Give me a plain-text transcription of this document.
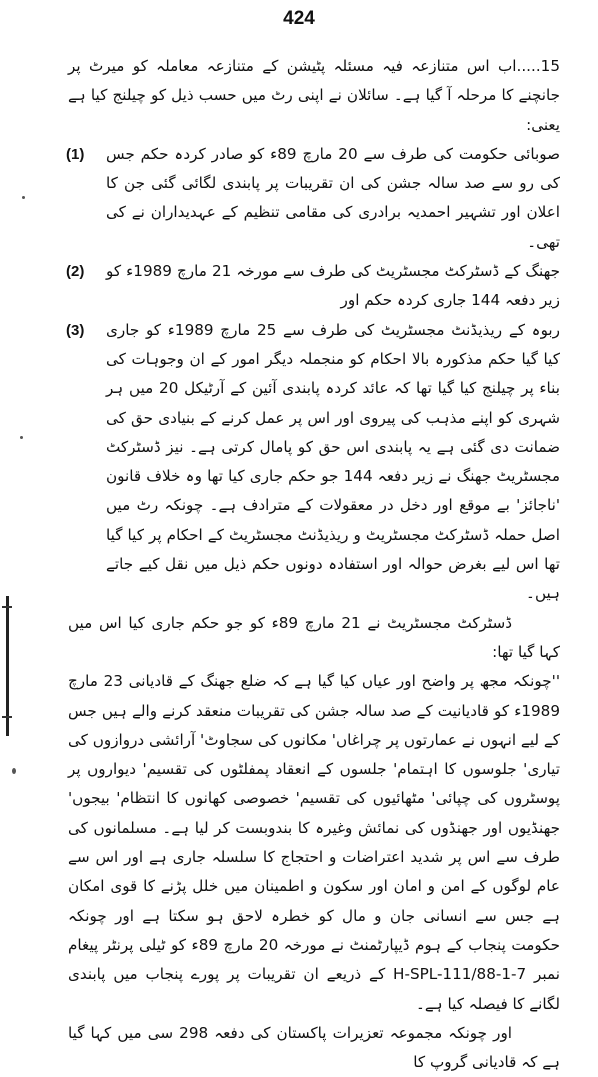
424

15.....اب اس متنازعہ فیہ مسئلہ پٹیشن کے متنازعہ معاملہ کو میرٹ پر جانچنے کا مرحلہ آ گیا ہے۔ سائلان نے اپنی رٹ میں حسب ذیل کو چیلنج کیا ہے یعنی:

(1) صوبائی حکومت کی طرف سے 20 مارچ 89ء کو صادر کردہ حکم جس کی رو سے صد سالہ جشن کی ان تقریبات پر پابندی لگائی گئی جن کا اعلان اور تشہیر احمدیہ برادری کی مقامی تنظیم کے عہدیداران نے کی تھی۔
(2) جھنگ کے ڈسٹرکٹ مجسٹریٹ کی طرف سے مورخہ 21 مارچ 1989ء کو زیر دفعہ 144 جاری کردہ حکم اور
(3) ربوہ کے ریذیڈنٹ مجسٹریٹ کی طرف سے 25 مارچ 1989ء کو جاری کیا گیا حکم مذکورہ بالا احکام کو منجملہ دیگر امور کے ان وجوہات کی بناء پر چیلنج کیا گیا تھا کہ عائد کردہ پابندی آئین کے آرٹیکل 20 میں ہر شہری کو اپنے مذہب کی پیروی اور اس پر عمل کرنے کے بنیادی حق کی ضمانت دی گئی ہے یہ پابندی اس حق کو پامال کرتی ہے۔ نیز ڈسٹرکٹ مجسٹریٹ جھنگ نے زیر دفعہ 144 جو حکم جاری کیا تھا وہ خلاف قانون 'ناجائز' بے موقع اور دخل در معقولات کے مترادف ہے۔ چونکہ رٹ میں اصل حملہ ڈسٹرکٹ مجسٹریٹ و ریذیڈنٹ مجسٹریٹ کے احکام پر کیا گیا تھا اس لیے بغرض حوالہ اور استفادہ دونوں حکم ذیل میں نقل کیے جاتے ہیں۔

ڈسٹرکٹ مجسٹریٹ نے 21 مارچ 89ء کو جو حکم جاری کیا اس میں کہا گیا تھا:

''چونکہ مجھ پر واضح اور عیاں کیا گیا ہے کہ ضلع جھنگ کے قادیانی 23 مارچ 1989ء کو قادیانیت کے صد سالہ جشن کی تقریبات منعقد کرنے والے ہیں جس کے لیے انہوں نے عمارتوں پر چراغاں' مکانوں کی سجاوٹ' آرائشی دروازوں کی تیاری' جلوسوں کا اہتمام' جلسوں کے انعقاد پمفلٹوں کی تقسیم' دیواروں پر پوسٹروں کی چپائی' مٹھائیوں کی تقسیم' خصوصی کھانوں کا انتظام' بیجوں' جھنڈیوں اور جھنڈوں کی نمائش وغیرہ کا بندوبست کر لیا ہے۔ مسلمانوں کی طرف سے اس پر شدید اعتراضات و احتجاج کا سلسلہ جاری ہے اور اس سے عام لوگوں کے امن و امان اور سکون و اطمینان میں خلل پڑنے کا قوی امکان ہے جس سے انسانی جان و مال کو خطرہ لاحق ہو سکتا ہے اور چونکہ حکومت پنجاب کے ہوم ڈیپارٹمنٹ نے مورخہ 20 مارچ 89ء کو ٹیلی پرنٹر پیغام نمبر 7-1-H-SPL-111/88 کے ذریعے ان تقریبات پر پورے پنجاب میں پابندی لگانے کا فیصلہ کیا ہے۔

اور چونکہ مجموعہ تعزیرات پاکستان کی دفعہ 298 سی میں کہا گیا ہے کہ قادیانی گروپ کا
